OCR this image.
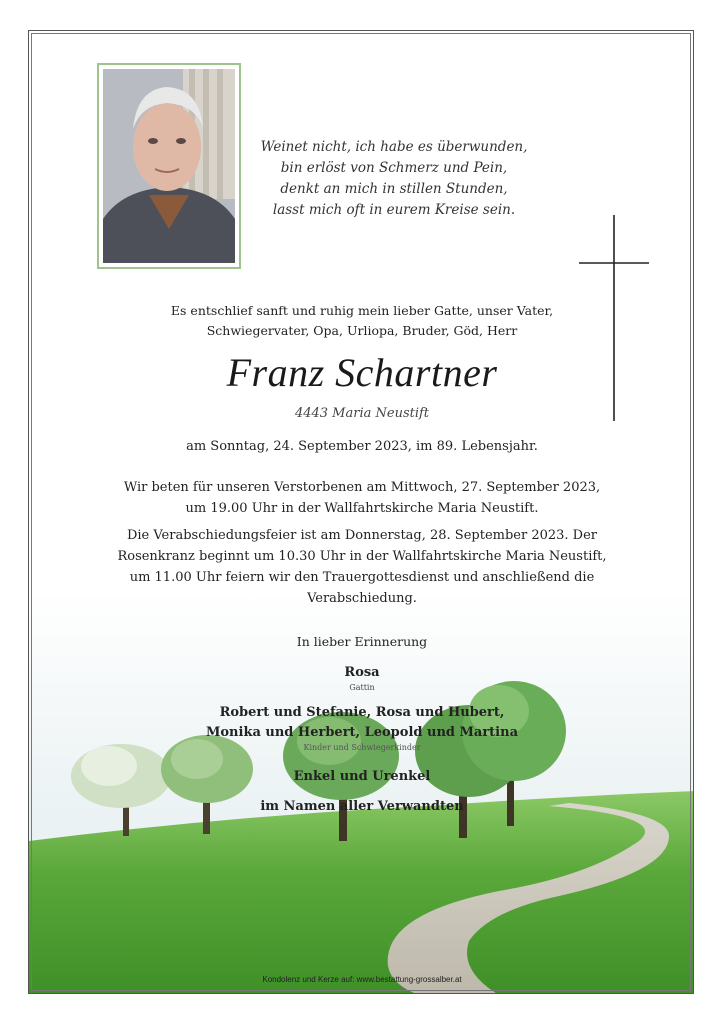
Weinet nicht, ich habe es überwunden,
bin erlöst von Schmerz und Pein,
denkt an mich in stillen Stunden,
lasst mich oft in eurem Kreise sein.
Es entschlief sanft und ruhig mein lieber Gatte, unser Vater,
Schwiegervater, Opa, Urliopa, Bruder, Göd, Herr
Franz Schartner
4443 Maria Neustift
am Sonntag, 24. September 2023, im 89. Lebensjahr.
Wir beten für unseren Verstorbenen am Mittwoch, 27. September 2023,
um 19.00 Uhr in der Wallfahrtskirche Maria Neustift.
Die Verabschiedungsfeier ist am Donnerstag, 28. September 2023. Der
Rosenkranz beginnt um 10.30 Uhr in der Wallfahrtskirche Maria Neustift,
um 11.00 Uhr feiern wir den Trauergottesdienst und anschließend die
Verabschiedung.
In lieber Erinnerung
Rosa
Gattin
Robert und Stefanie, Rosa und Hubert,
Monika und Herbert, Leopold und Martina
Kinder und Schwiegerkinder
Enkel und Urenkel
im Namen aller Verwandten
Kondolenz und Kerze auf: www.bestattung-grossalber.at
